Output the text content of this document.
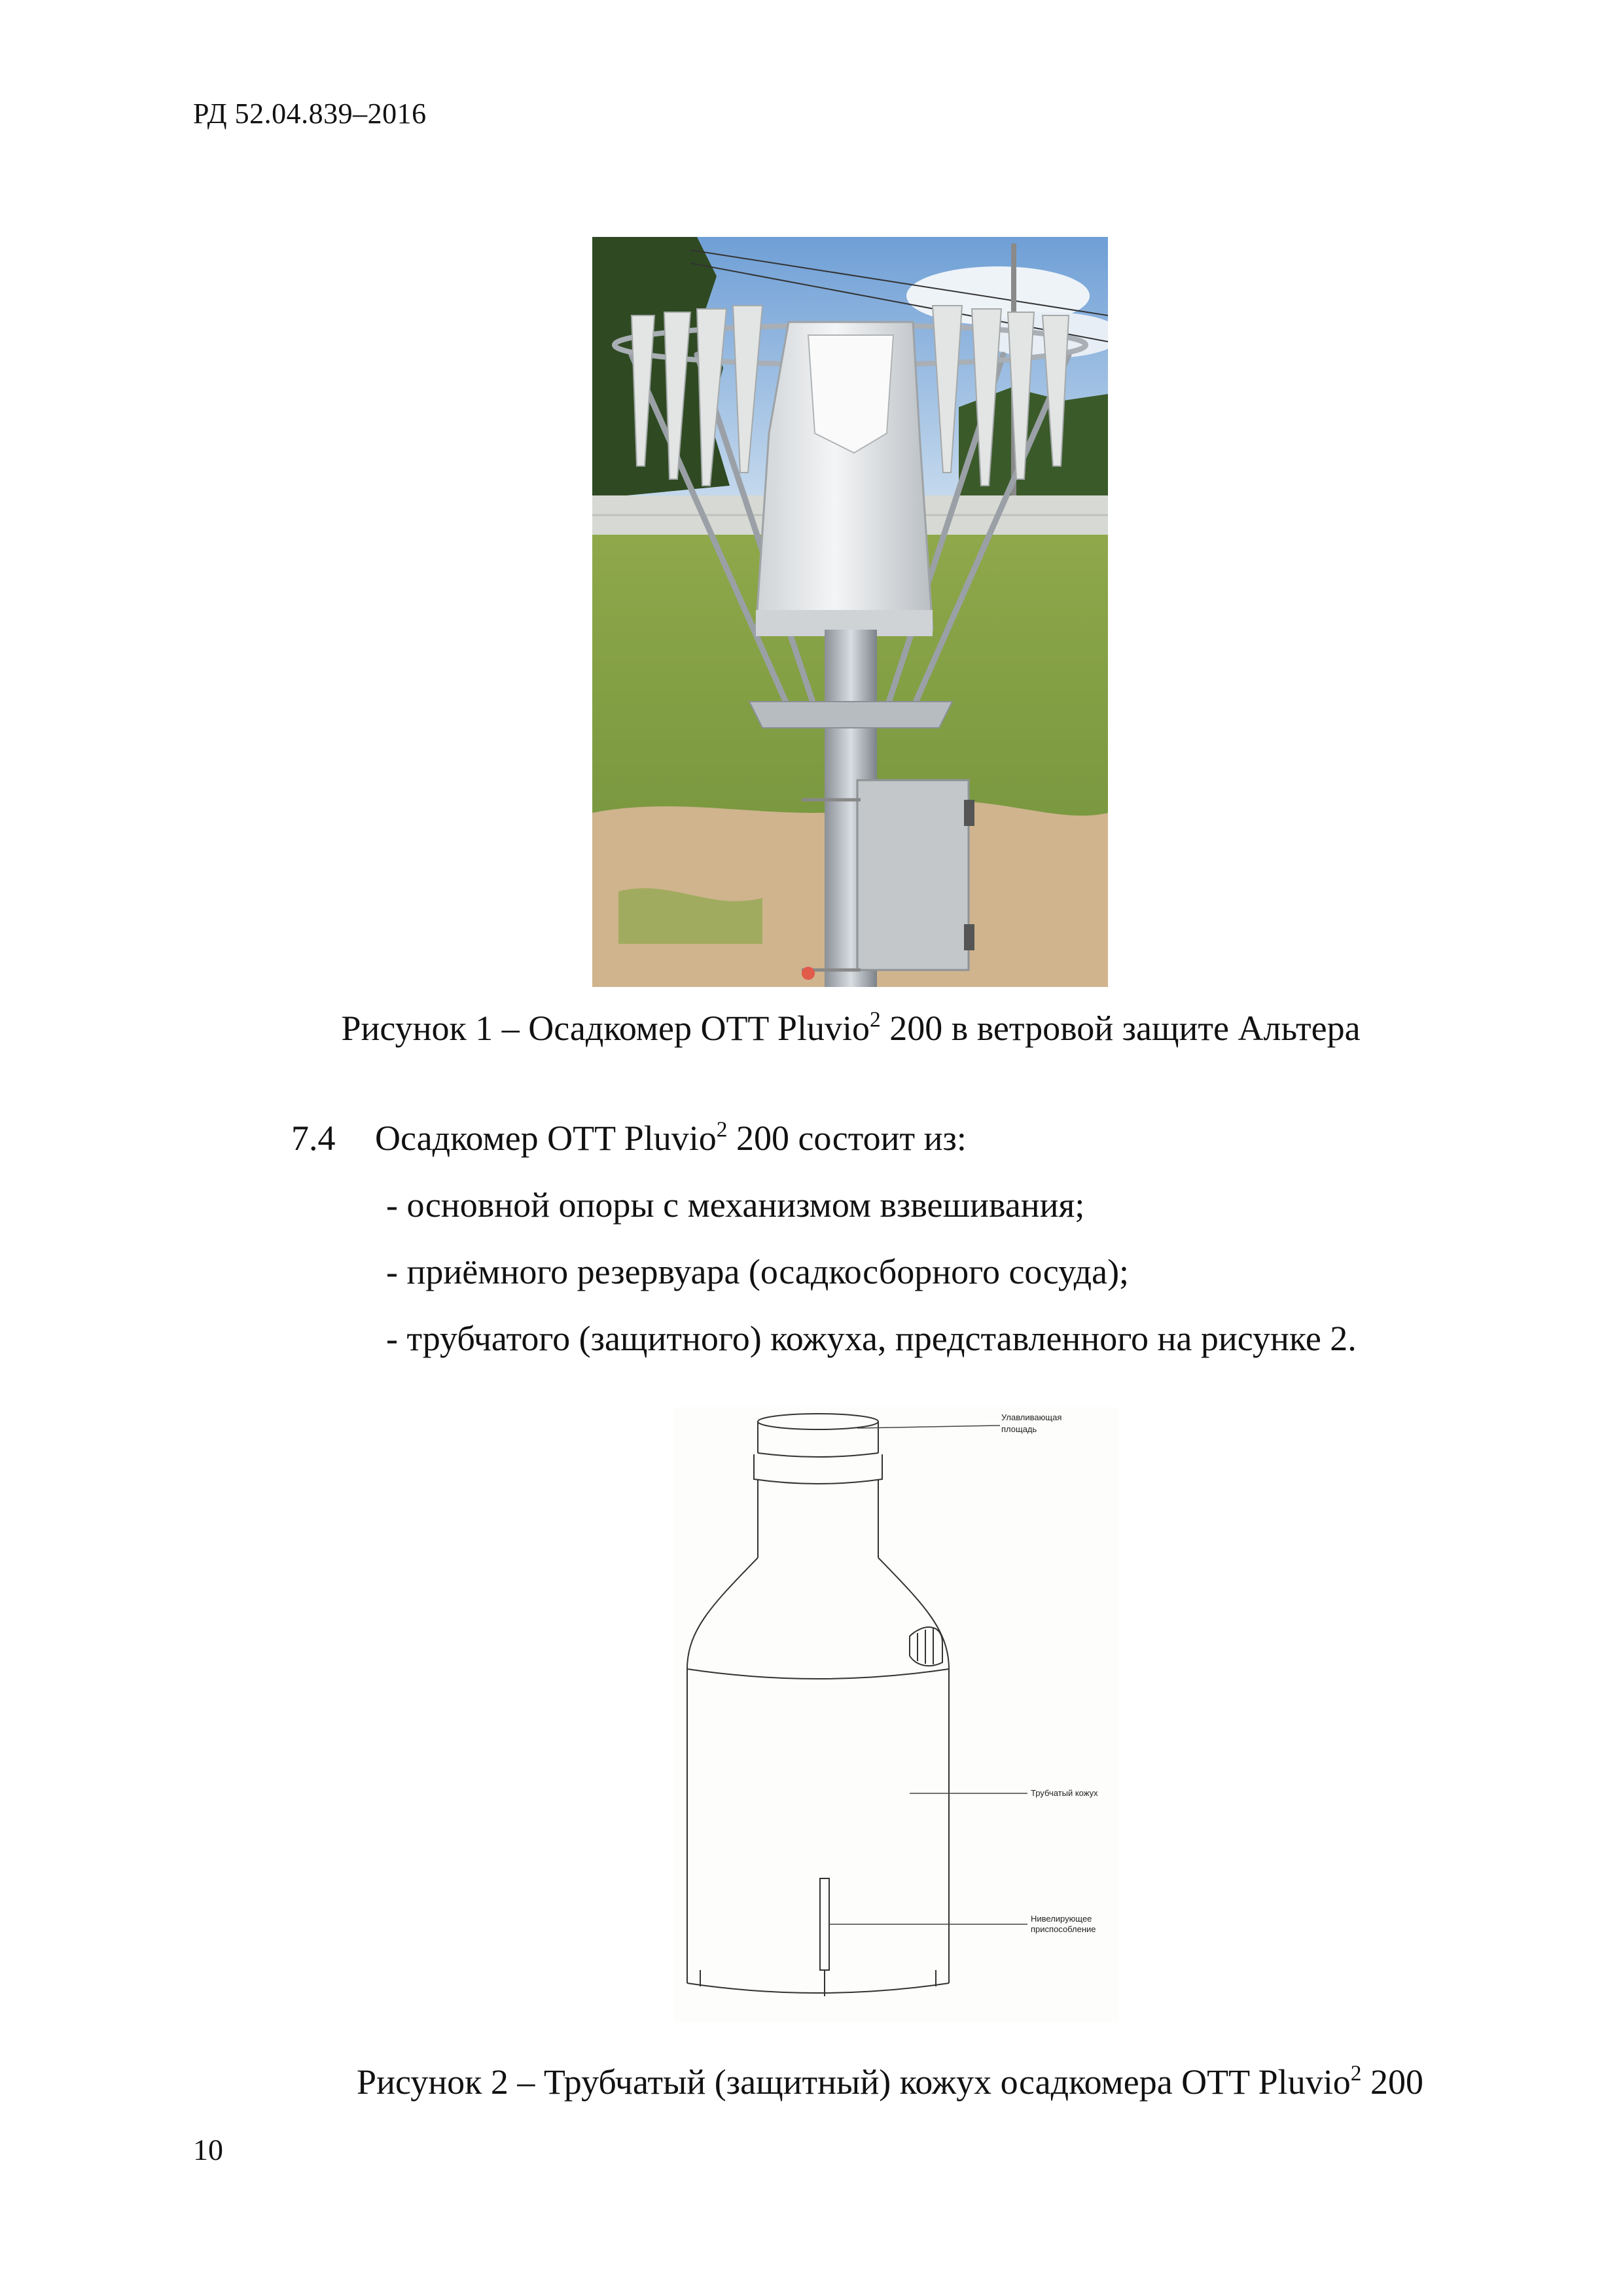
РД 52.04.839–2016
Рисунок 1 – Осадкомер OTT Pluvio$^2$ 200 в ветровой защите Альтера
7.4 Осадкомер OTT Pluvio$^2$ 200 состоит из:
- основной опоры с механизмом взвешивания;
- приёмного резервуара (осадкосборного сосуда);
- трубчатого (защитного) кожуха, представленного на рисунке 2.
Улавливающая
площадь
Трубчатый кожух
Нивелирующее
приспособление
Рисунок 2 – Трубчатый (защитный) кожух осадкомера OTT Pluvio$^2$ 200
10
